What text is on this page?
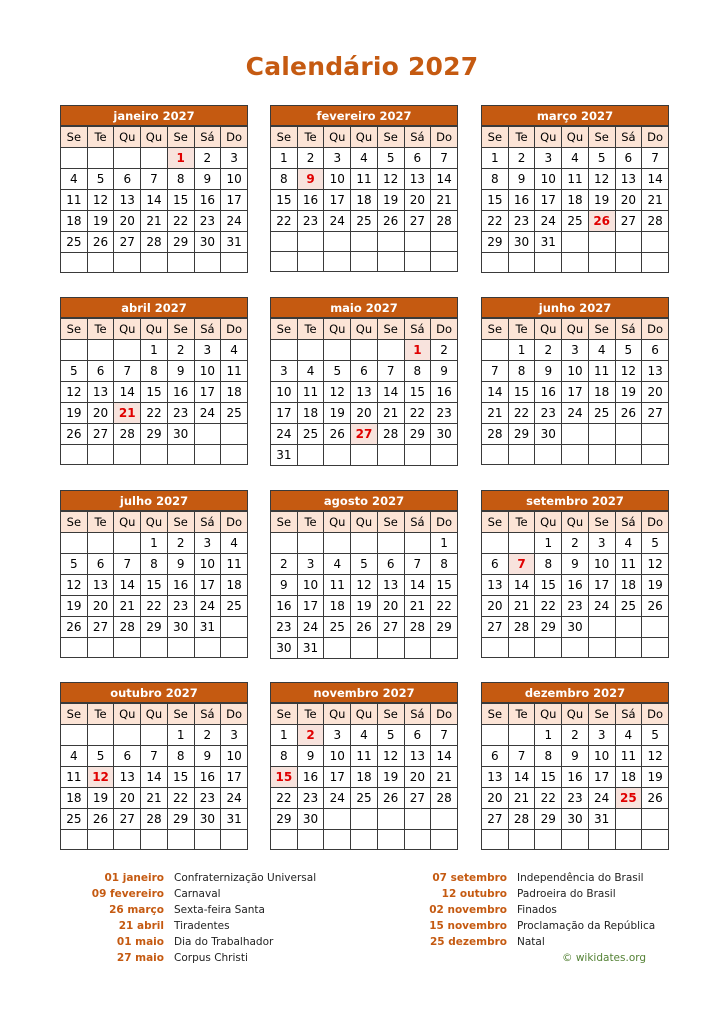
Calendário 2027
janeiro 2027
Se	Te	Qu	Qu	Se	Sá	Do
				1	2	3
4	5	6	7	8	9	10
11	12	13	14	15	16	17
18	19	20	21	22	23	24
25	26	27	28	29	30	31

fevereiro 2027
Se	Te	Qu	Qu	Se	Sá	Do
1	2	3	4	5	6	7
8	9	10	11	12	13	14
15	16	17	18	19	20	21
22	23	24	25	26	27	28

março 2027
Se	Te	Qu	Qu	Se	Sá	Do
1	2	3	4	5	6	7
8	9	10	11	12	13	14
15	16	17	18	19	20	21
22	23	24	25	26	27	28
29	30	31				

abril 2027
Se	Te	Qu	Qu	Se	Sá	Do
			1	2	3	4
5	6	7	8	9	10	11
12	13	14	15	16	17	18
19	20	21	22	23	24	25
26	27	28	29	30		

maio 2027
Se	Te	Qu	Qu	Se	Sá	Do
					1	2
3	4	5	6	7	8	9
10	11	12	13	14	15	16
17	18	19	20	21	22	23
24	25	26	27	28	29	30
31						
junho 2027
Se	Te	Qu	Qu	Se	Sá	Do
	1	2	3	4	5	6
7	8	9	10	11	12	13
14	15	16	17	18	19	20
21	22	23	24	25	26	27
28	29	30				

julho 2027
Se	Te	Qu	Qu	Se	Sá	Do
			1	2	3	4
5	6	7	8	9	10	11
12	13	14	15	16	17	18
19	20	21	22	23	24	25
26	27	28	29	30	31	

agosto 2027
Se	Te	Qu	Qu	Se	Sá	Do
						1
2	3	4	5	6	7	8
9	10	11	12	13	14	15
16	17	18	19	20	21	22
23	24	25	26	27	28	29
30	31					
setembro 2027
Se	Te	Qu	Qu	Se	Sá	Do
		1	2	3	4	5
6	7	8	9	10	11	12
13	14	15	16	17	18	19
20	21	22	23	24	25	26
27	28	29	30			

outubro 2027
Se	Te	Qu	Qu	Se	Sá	Do
				1	2	3
4	5	6	7	8	9	10
11	12	13	14	15	16	17
18	19	20	21	22	23	24
25	26	27	28	29	30	31

novembro 2027
Se	Te	Qu	Qu	Se	Sá	Do
1	2	3	4	5	6	7
8	9	10	11	12	13	14
15	16	17	18	19	20	21
22	23	24	25	26	27	28
29	30					

dezembro 2027
Se	Te	Qu	Qu	Se	Sá	Do
		1	2	3	4	5
6	7	8	9	10	11	12
13	14	15	16	17	18	19
20	21	22	23	24	25	26
27	28	29	30	31		

01 janeiro Confraternização Universal
09 fevereiro Carnaval
26 março Sexta-feira Santa
21 abril Tiradentes
01 maio Dia do Trabalhador
27 maio Corpus Christi
07 setembro Independência do Brasil
12 outubro Padroeira do Brasil
02 novembro Finados
15 novembro Proclamação da República
25 dezembro Natal
© wikidates.org
